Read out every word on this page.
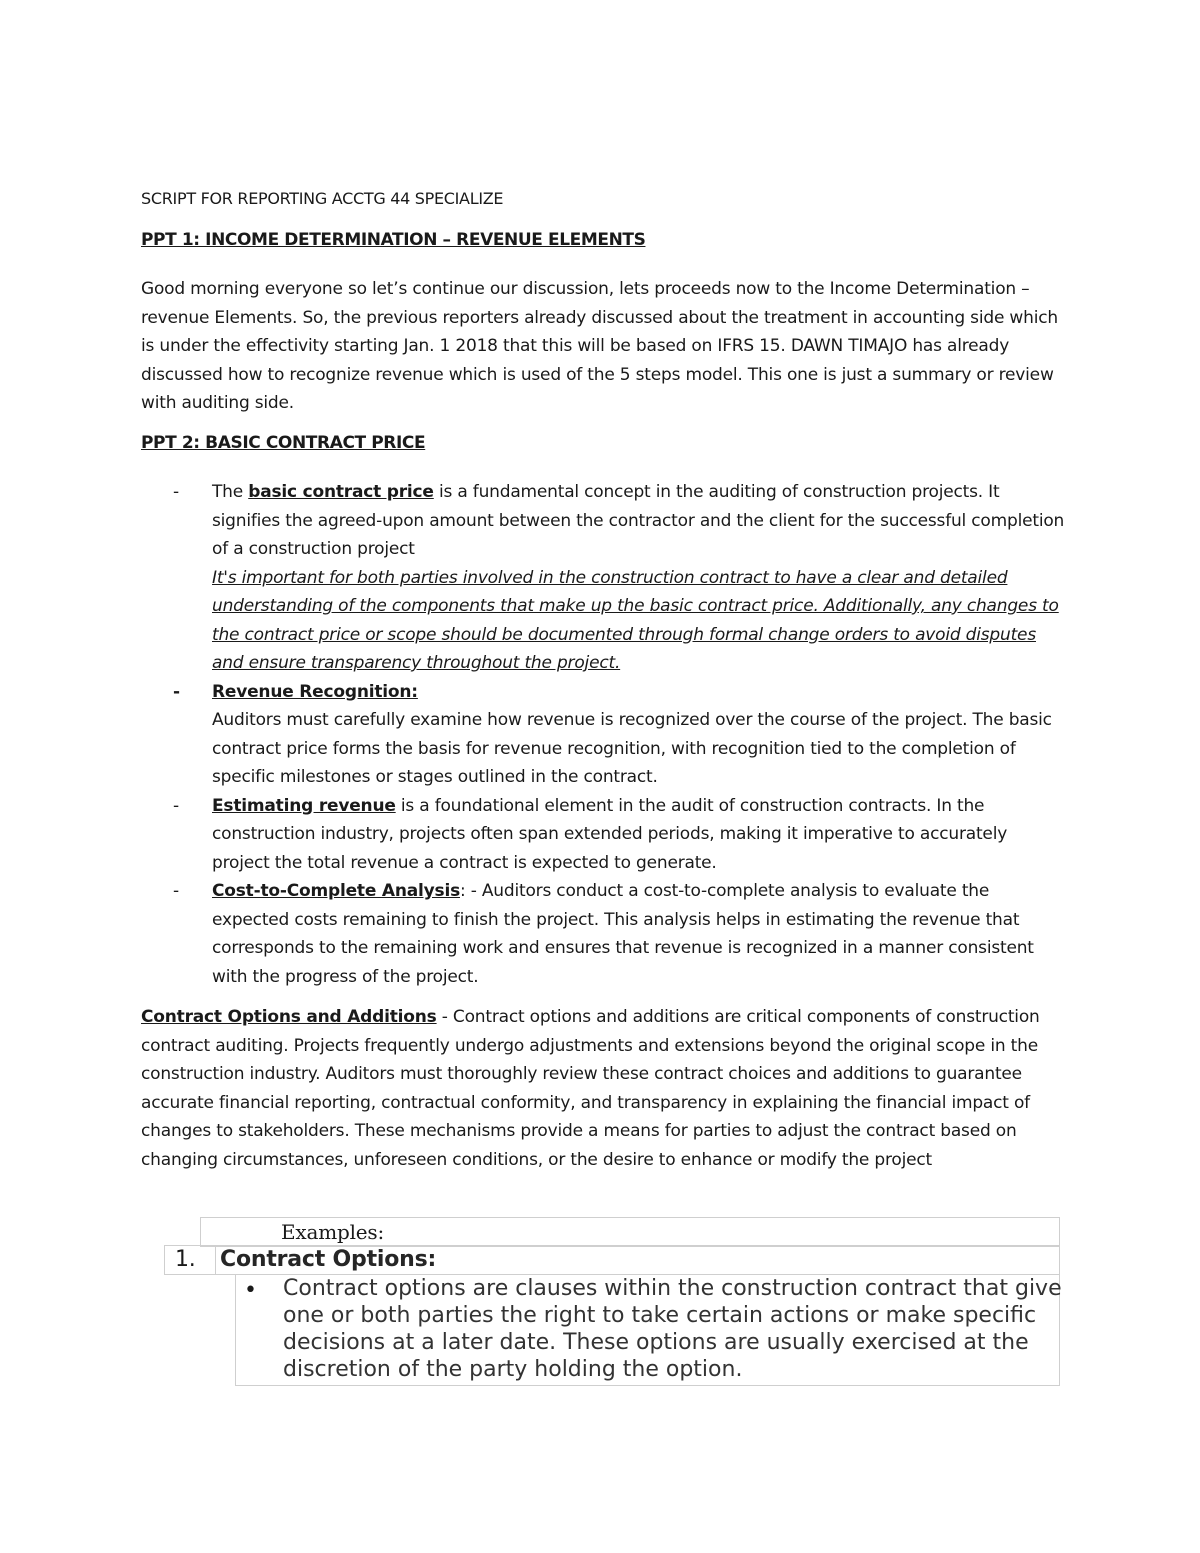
SCRIPT FOR REPORTING ACCTG 44 SPECIALIZE
PPT 1: INCOME DETERMINATION – REVENUE ELEMENTS

Good morning everyone so let’s continue our discussion, lets proceeds now to the Income Determination – revenue Elements. So, the previous reporters already discussed about the treatment in accounting side which is under the effectivity starting Jan. 1 2018 that this will be based on IFRS 15. DAWN TIMAJO has already discussed how to recognize revenue which is used of the 5 steps model. This one is just a summary or review with auditing side.

PPT 2: BASIC CONTRACT PRICE
- The basic contract price is a fundamental concept in the auditing of construction projects. It signifies the agreed-upon amount between the contractor and the client for the successful completion of a construction project
It's important for both parties involved in the construction contract to have a clear and detailed understanding of the components that make up the basic contract price. Additionally, any changes to the contract price or scope should be documented through formal change orders to avoid disputes and ensure transparency throughout the project.
- Revenue Recognition:
Auditors must carefully examine how revenue is recognized over the course of the project. The basic contract price forms the basis for revenue recognition, with recognition tied to the completion of specific milestones or stages outlined in the contract.
- Estimating revenue is a foundational element in the audit of construction contracts. In the construction industry, projects often span extended periods, making it imperative to accurately project the total revenue a contract is expected to generate.
- Cost-to-Complete Analysis: - Auditors conduct a cost-to-complete analysis to evaluate the expected costs remaining to finish the project. This analysis helps in estimating the revenue that corresponds to the remaining work and ensures that revenue is recognized in a manner consistent with the progress of the project.

Contract Options and Additions - Contract options and additions are critical components of construction contract auditing. Projects frequently undergo adjustments and extensions beyond the original scope in the construction industry. Auditors must thoroughly review these contract choices and additions to guarantee accurate financial reporting, contractual conformity, and transparency in explaining the financial impact of changes to stakeholders. These mechanisms provide a means for parties to adjust the contract based on changing circumstances, unforeseen conditions, or the desire to enhance or modify the project

Examples:
1. Contract Options:
• Contract options are clauses within the construction contract that give one or both parties the right to take certain actions or make specific decisions at a later date. These options are usually exercised at the discretion of the party holding the option.
